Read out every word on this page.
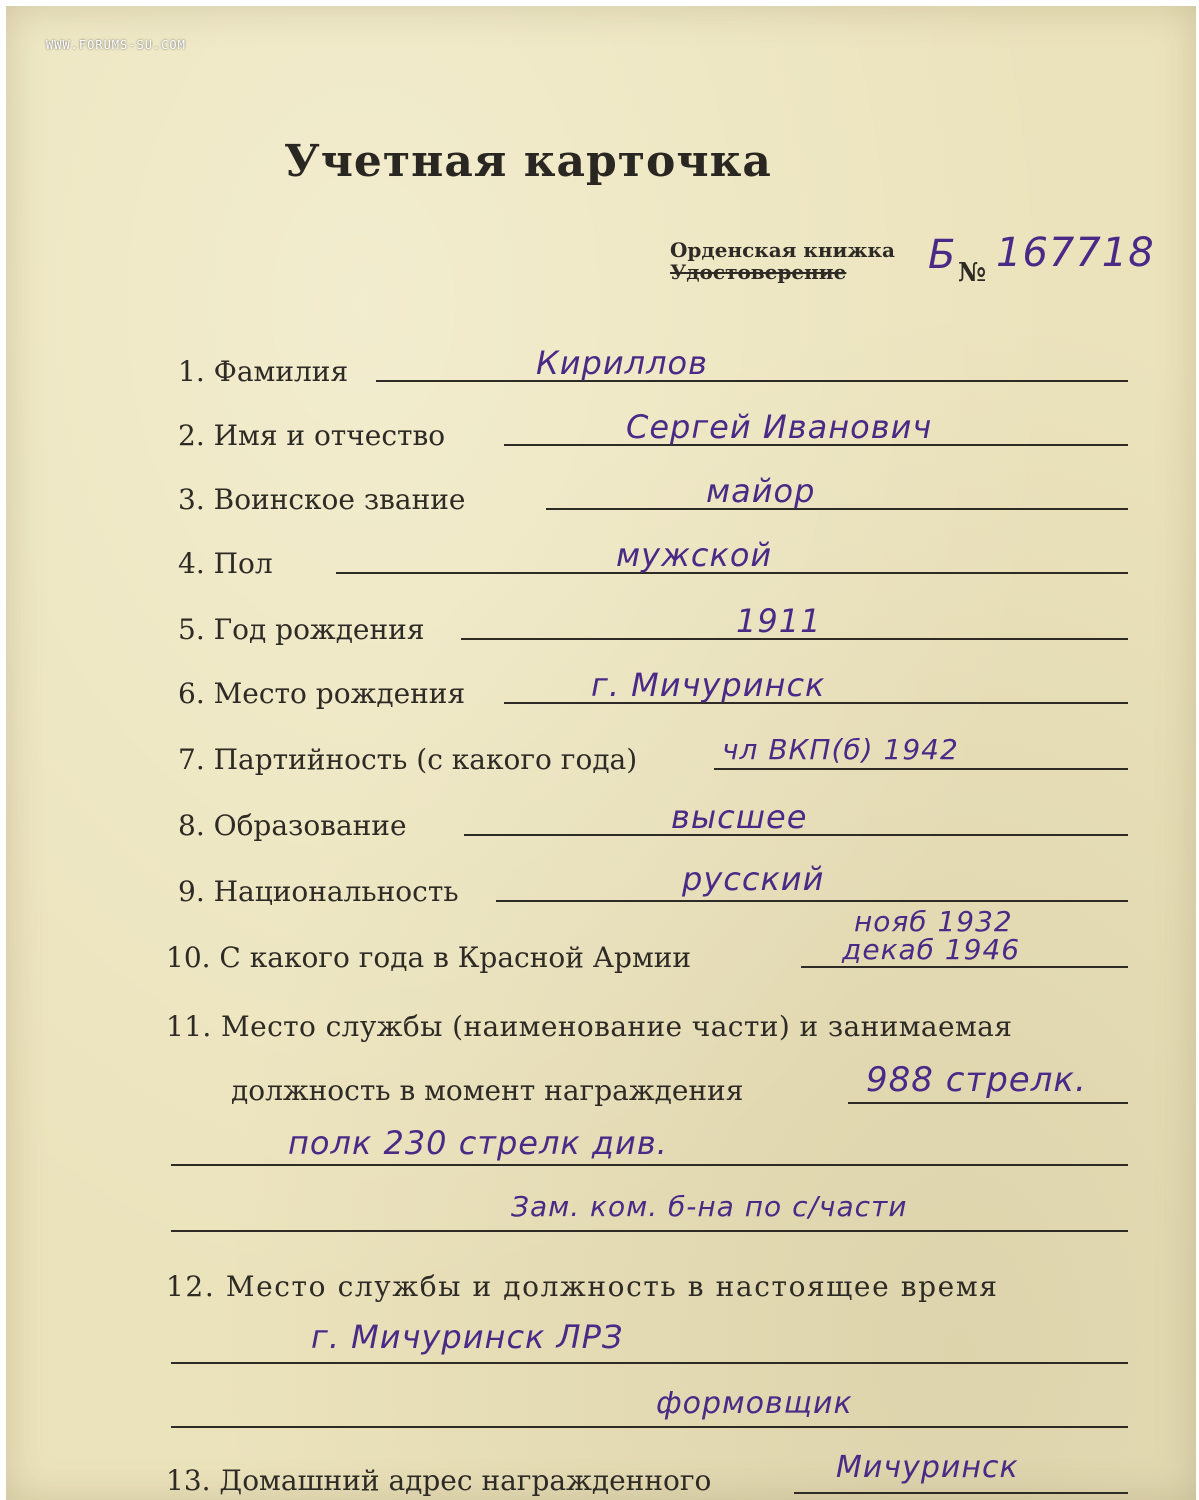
WWW.FORUMS-SU.COM
Учетная карточка
Орденская книжка
Удостоверение	Б № 167718
1. Фамилия	Кириллов
2. Имя и отчество	Сергей Иванович
3. Воинское звание	майор
4. Пол	мужской
5. Год рождения	1911
6. Место рождения	г. Мичуринск
7. Партийность (с какого года)	чл ВКП(б) 1942
8. Образование	высшее
9. Национальность	русский
10. С какого года в Красной Армии
нояб 1932
декаб 1946
11. Место службы (наименование части) и занимаемая
должность в момент награждения	988 стрелк.
полк 230 стрелк див.
Зам. ком. б-на по с/части
12. Место службы и должность в настоящее время
г. Мичуринск ЛРЗ
формовщик
13. Домашний адрес награжденного	Мичуринск
